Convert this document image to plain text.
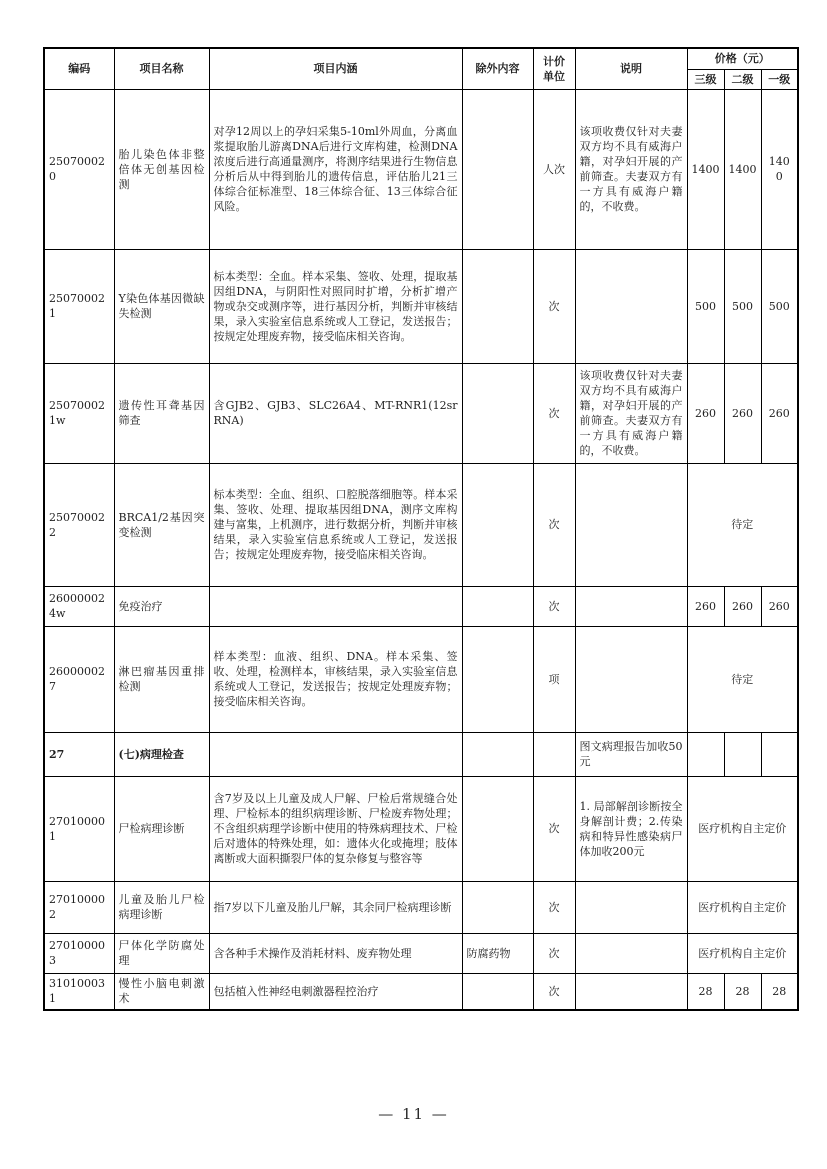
编码	项目名称	项目内涵	除外内容	计价单位	说明	价格（元）		
						三级	二级	一级
250700020	胎儿染色体非整倍体无创基因检测	对孕12周以上的孕妇采集5-10ml外周血，分离血浆提取胎儿游离DNA后进行文库构建，检测DNA浓度后进行高通量测序，将测序结果进行生物信息分析后从中得到胎儿的遗传信息，评估胎儿21三体综合征标准型、18三体综合征、13三体综合征风险。		人次	该项收费仅针对夫妻双方均不具有威海户籍，对孕妇开展的产前筛查。夫妻双方有一方具有威海户籍的，不收费。	1400	1400	1400
250700021	Y染色体基因微缺失检测	标本类型：全血。样本采集、签收、处理，提取基因组DNA，与阴阳性对照同时扩增，分析扩增产物或杂交或测序等，进行基因分析，判断并审核结果，录入实验室信息系统或人工登记，发送报告；按规定处理废弃物，接受临床相关咨询。		次		500	500	500
250700021w	遗传性耳聋基因筛查	含GJB2、GJB3、SLC26A4、MT-RNR1(12srRNA)		次	该项收费仅针对夫妻双方均不具有威海户籍，对孕妇开展的产前筛查。夫妻双方有一方具有威海户籍的，不收费。	260	260	260
250700022	BRCA1/2基因突变检测	标本类型：全血、组织、口腔脱落细胞等。样本采集、签收、处理、提取基因组DNA，测序文库构建与富集，上机测序，进行数据分析，判断并审核结果，录入实验室信息系统或人工登记，发送报告；按规定处理废弃物，接受临床相关咨询。		次		待定		
260000024w	免疫治疗			次		260	260	260
260000027	淋巴瘤基因重排检测	样本类型：血液、组织、DNA。样本采集、签收、处理，检测样本，审核结果，录入实验室信息系统或人工登记，发送报告；按规定处理废弃物；接受临床相关咨询。		项		待定		
27	(七)病理检查				图文病理报告加收50元			
270100001	尸检病理诊断	含7岁及以上儿童及成人尸解、尸检后常规缝合处理、尸检标本的组织病理诊断、尸检废弃物处理；不含组织病理学诊断中使用的特殊病理技术、尸检后对遗体的特殊处理，如：遗体火化或掩埋；肢体离断或大面积撕裂尸体的复杂修复与整容等		次	1. 局部解剖诊断按全身解剖计费；2.传染病和特异性感染病尸体加收200元	医疗机构自主定价		
270100002	儿童及胎儿尸检病理诊断	指7岁以下儿童及胎儿尸解，其余同尸检病理诊断		次		医疗机构自主定价		
270100003	尸体化学防腐处理	含各种手术操作及消耗材料、废弃物处理	防腐药物	次		医疗机构自主定价		
310100031	慢性小脑电刺激术	包括植入性神经电刺激器程控治疗		次		28	28	28
— 11 —
